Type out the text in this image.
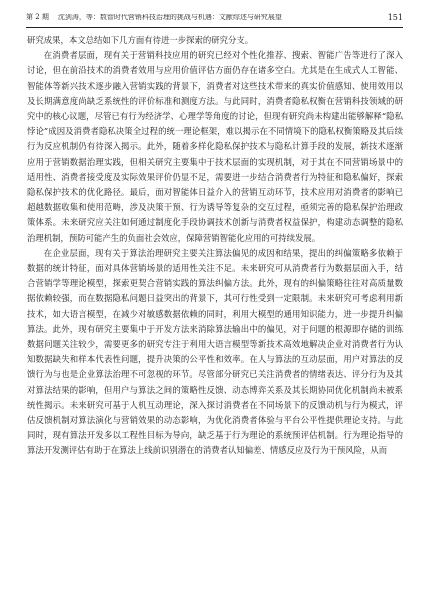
第 2 期 沈剑涛，等：数智时代营销科技治理的挑战与机遇：文献综述与研究展望	151

研究成果，本文总结如下几方面有待进一步探索的研究分支。

在消费者层面，现有关于营销科技应用的研究已经对个性化推荐、搜索、智能广告等进行了深入讨论，但在前沿技术的消费者效用与应用价值评估方面仍存在诸多空白。尤其是在生成式人工智能、智能体等新兴技术逐步融入营销实践的背景下，消费者对这些技术带来的真实价值感知、使用效用以及长期满意度尚缺乏系统性的评价标准和测度方法。与此同时，消费者隐私权衡在营销科技领域的研究中的核心议题，尽管已有行为经济学、心理学等角度的讨论，但现有研究尚未构建出能够解释“隐私悖论”成因及消费者隐私决策全过程的统一理论框架，难以揭示在不同情境下的隐私权衡策略及其后续行为反应机制仍有待深入揭示。此外，随着多样化隐私保护技术与隐私计算手段的发展，新技术逐渐应用于营销数据治理实践，但相关研究主要集中于技术层面的实现机制，对于其在不同营销场景中的适用性、消费者接受度及实际效果评价仍显不足，需要进一步结合消费者行为特征和隐私偏好，探索隐私保护技术的优化路径。最后，面对智能体日益介入的营销互动环节，技术应用对消费者的影响已超越数据收集和使用范畴，涉及决策干预、行为诱导等复杂的交互过程，亟须完善的隐私保护治理政策体系。未来研究应关注如何通过制度化手段协调技术创新与消费者权益保护，构建动态调整的隐私治理机制，预防可能产生的负面社会效应，保障营销智能化应用的可持续发展。

在企业层面，现有关于算法治理研究主要关注算法偏见的成因和结果，提出的纠偏策略多依赖于数据的统计特征，面对具体营销场景的适用性关注不足。未来研究可从消费者行为数据层面入手，结合营销学等理论模型，探索更契合营销实践的算法纠偏方法。此外，现有的纠偏策略往往对高质量数据依赖较强，而在数据隐私问题日益突出的背景下，其可行性受到一定限制。未来研究可考虑利用新技术，如大语言模型，在减少对敏感数据依赖的同时，利用大模型的通用知识能力，进一步提升纠偏算法。此外，现有研究主要集中于开发方法来消除算法输出中的偏见，对于问题的根源即存储的训练数据问题关注较少，需要更多的研究专注于利用大语言模型等新技术高效地解决企业对消费者行为认知数据缺失和样本代表性问题，提升决策的公平性和效率。在人与算法的互动层面，用户对算法的反馈行为与也是企业算法治理不可忽视的环节。尽管部分研究已关注消费者的情绪表达、评分行为及其对算法结果的影响，但用户与算法之间的策略性反馈、动态博弈关系及其长期协同优化机制尚未被系统性揭示。未来研究可基于人机互动理论，深入探讨消费者在不同场景下的反馈动机与行为模式，评估反馈机制对算法演化与营销效果的动态影响，为优化消费者体验与平台公平性提供理论支持。与此同时，现有算法开发多以工程性目标为导向，缺乏基于行为理论的系统预评估机制。行为理论指导的算法开发测评估有助于在算法上线前识别潜在的消费者认知偏差、情感反应及行为干预风险，从而
